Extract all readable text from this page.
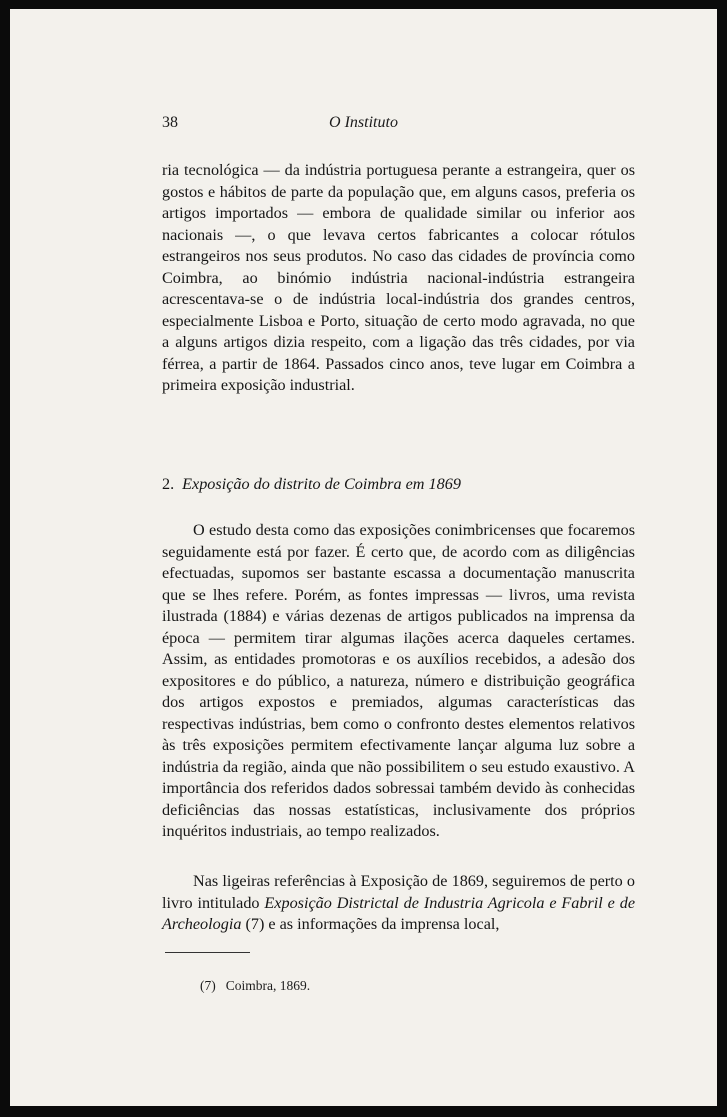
38	O Instituto

ria tecnológica — da indústria portuguesa perante a estrangeira, quer os gostos e hábitos de parte da população que, em alguns casos, preferia os artigos importados — embora de qualidade similar ou inferior aos nacionais —, o que levava certos fabricantes a colocar rótulos estrangeiros nos seus produtos. No caso das cidades de província como Coimbra, ao binómio indústria nacional-indústria estrangeira acrescentava-se o de indústria local-indústria dos grandes centros, especialmente Lisboa e Porto, situação de certo modo agravada, no que a alguns artigos dizia respeito, com a ligação das três cidades, por via férrea, a partir de 1864. Passados cinco anos, teve lugar em Coimbra a primeira exposição industrial.

2. Exposição do distrito de Coimbra em 1869

O estudo desta como das exposições conimbricenses que focaremos seguidamente está por fazer. É certo que, de acordo com as diligências efectuadas, supomos ser bastante escassa a documentação manuscrita que se lhes refere. Porém, as fontes impressas — livros, uma revista ilustrada (1884) e várias dezenas de artigos publicados na imprensa da época — permitem tirar algumas ilações acerca daqueles certames. Assim, as entidades promotoras e os auxílios recebidos, a adesão dos expositores e do público, a natureza, número e distribuição geográfica dos artigos expostos e premiados, algumas características das respectivas indústrias, bem como o confronto destes elementos relativos às três exposições permitem efectivamente lançar alguma luz sobre a indústria da região, ainda que não possibilitem o seu estudo exaustivo. A importância dos referidos dados sobressai também devido às conhecidas deficiências das nossas estatísticas, inclusivamente dos próprios inquéritos industriais, ao tempo realizados.

Nas ligeiras referências à Exposição de 1869, seguiremos de perto o livro intitulado Exposição Districtal de Industria Agricola e Fabril e de Archeologia (7) e as informações da imprensa local,

(7) Coimbra, 1869.
